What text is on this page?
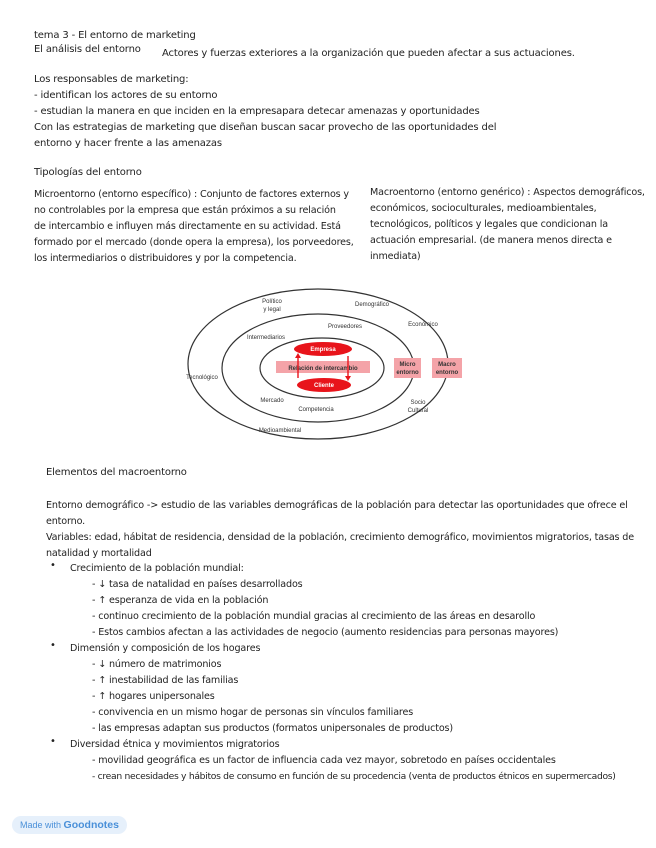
tema 3 - El entorno de marketing
El análisis del entorno Actores y fuerzas exteriores a la organización que pueden afectar a sus actuaciones.
Los responsables de marketing:
- identifican los actores de su entorno
- estudian la manera en que inciden en la empresapara detecar amenazas y oportunidades
Con las estrategias de marketing que diseñan buscan sacar provecho de las oportunidades del
entorno y hacer frente a las amenazas
Tipologías del entorno
Microentorno (entorno específico) : Conjunto de factores externos y
no controlables por la empresa que están próximos a su relación
de intercambio e influyen más directamente en su actividad. Está
formado por el mercado (donde opera la empresa), los porveedores,
los intermediarios o distribuidores y por la competencia.
Macroentorno (entorno genérico) : Aspectos demográficos,
económicos, socioculturales, medioambientales,
tecnológicos, políticos y legales que condicionan la
actuación empresarial. (de manera menos directa e
inmediata)
Político
y legal
Demográfico
Económico
Tecnológico
Socio
Cultural
Medioambiental
Intermediarios
Proveedores
Mercado
Competencia
Empresa
Relación de intercambio
Cliente
Micro
entorno
Macro
entorno
Elementos del macroentorno
Entorno demográfico -> estudio de las variables demográficas de la población para detectar las oportunidades que ofrece el
entorno.
Variables: edad, hábitat de residencia, densidad de la población, crecimiento demográfico, movimientos migratorios, tasas de
natalidad y mortalidad
• Crecimiento de la población mundial:
- ↓ tasa de natalidad en países desarrollados
- ↑ esperanza de vida en la población
- continuo crecimiento de la población mundial gracias al crecimiento de las áreas en desarollo
- Estos cambios afectan a las actividades de negocio (aumento residencias para personas mayores)
• Dimensión y composición de los hogares
- ↓ número de matrimonios
- ↑ inestabilidad de las familias
- ↑ hogares unipersonales
- convivencia en un mismo hogar de personas sin vínculos familiares
- las empresas adaptan sus productos (formatos unipersonales de productos)
• Diversidad étnica y movimientos migratorios
- movilidad geográfica es un factor de influencia cada vez mayor, sobretodo en países occidentales
- crean necesidades y hábitos de consumo en función de su procedencia (venta de productos étnicos en supermercados)
Made with Goodnotes
